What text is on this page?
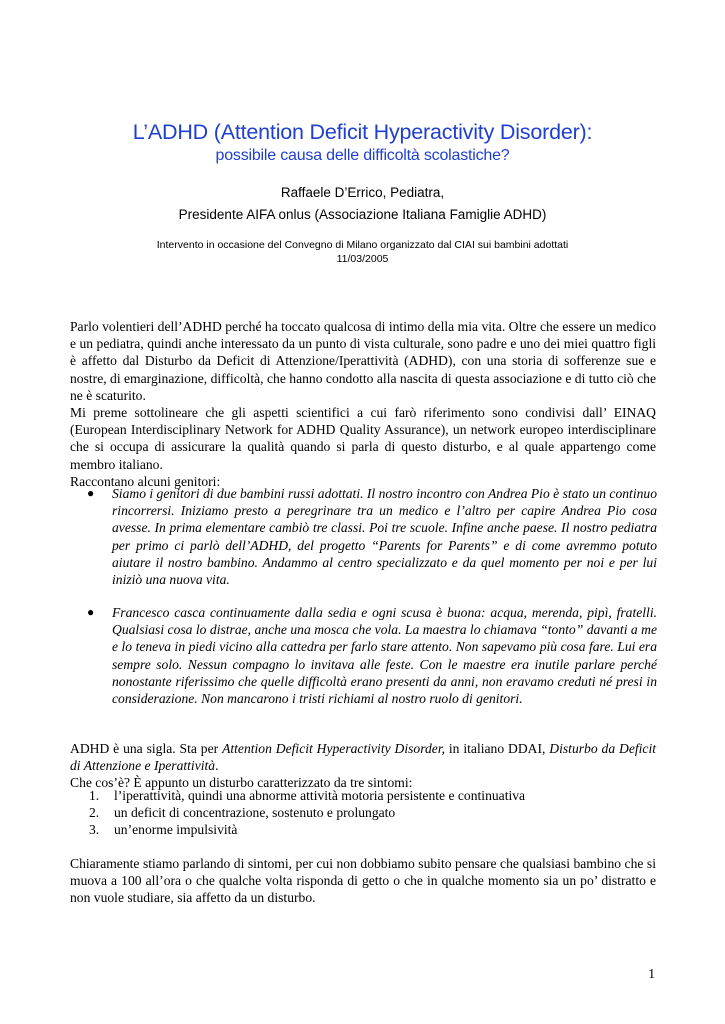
L’ADHD (Attention Deficit Hyperactivity Disorder):
possibile causa delle difficoltà scolastiche?
Raffaele D’Errico, Pediatra,
Presidente AIFA onlus (Associazione Italiana Famiglie ADHD)
Intervento in occasione del Convegno di Milano organizzato dal CIAI sui bambini adottati
11/03/2005

Parlo volentieri dell’ADHD perché ha toccato qualcosa di intimo della mia vita. Oltre che essere un medico e un pediatra, quindi anche interessato da un punto di vista culturale, sono padre e uno dei miei quattro figli è affetto dal Disturbo da Deficit di Attenzione/Iperattività (ADHD), con una storia di sofferenze sue e nostre, di emarginazione, difficoltà, che hanno condotto alla nascita di questa associazione e di tutto ciò che ne è scaturito.

Mi preme sottolineare che gli aspetti scientifici a cui farò riferimento sono condivisi dall’ EINAQ (European Interdisciplinary Network for ADHD Quality Assurance), un network europeo interdisciplinare che si occupa di assicurare la qualità quando si parla di questo disturbo, e al quale appartengo come membro italiano.

Raccontano alcuni genitori:

● Siamo i genitori di due bambini russi adottati. Il nostro incontro con Andrea Pio è stato un continuo rincorrersi. Iniziamo presto a peregrinare tra un medico e l’altro per capire Andrea Pio cosa avesse. In prima elementare cambiò tre classi. Poi tre scuole. Infine anche paese. Il nostro pediatra per primo ci parlò dell’ADHD, del progetto “Parents for Parents” e di come avremmo potuto aiutare il nostro bambino. Andammo al centro specializzato e da quel momento per noi e per lui iniziò una nuova vita.
● Francesco casca continuamente dalla sedia e ogni scusa è buona: acqua, merenda, pipì, fratelli. Qualsiasi cosa lo distrae, anche una mosca che vola. La maestra lo chiamava “tonto” davanti a me e lo teneva in piedi vicino alla cattedra per farlo stare attento. Non sapevamo più cosa fare. Lui era sempre solo. Nessun compagno lo invitava alle feste. Con le maestre era inutile parlare perché nonostante riferissimo che quelle difficoltà erano presenti da anni, non eravamo creduti né presi in considerazione. Non mancarono i tristi richiami al nostro ruolo di genitori.

ADHD è una sigla. Sta per Attention Deficit Hyperactivity Disorder, in italiano DDAI, Disturbo da Deficit di Attenzione e Iperattività.

Che cos’è? È appunto un disturbo caratterizzato da tre sintomi:

1. l’iperattività, quindi una abnorme attività motoria persistente e continuativa
2. un deficit di concentrazione, sostenuto e prolungato
3. un’enorme impulsività

Chiaramente stiamo parlando di sintomi, per cui non dobbiamo subito pensare che qualsiasi bambino che si muova a 100 all’ora o che qualche volta risponda di getto o che in qualche momento sia un po’ distratto e non vuole studiare, sia affetto da un disturbo.

1
